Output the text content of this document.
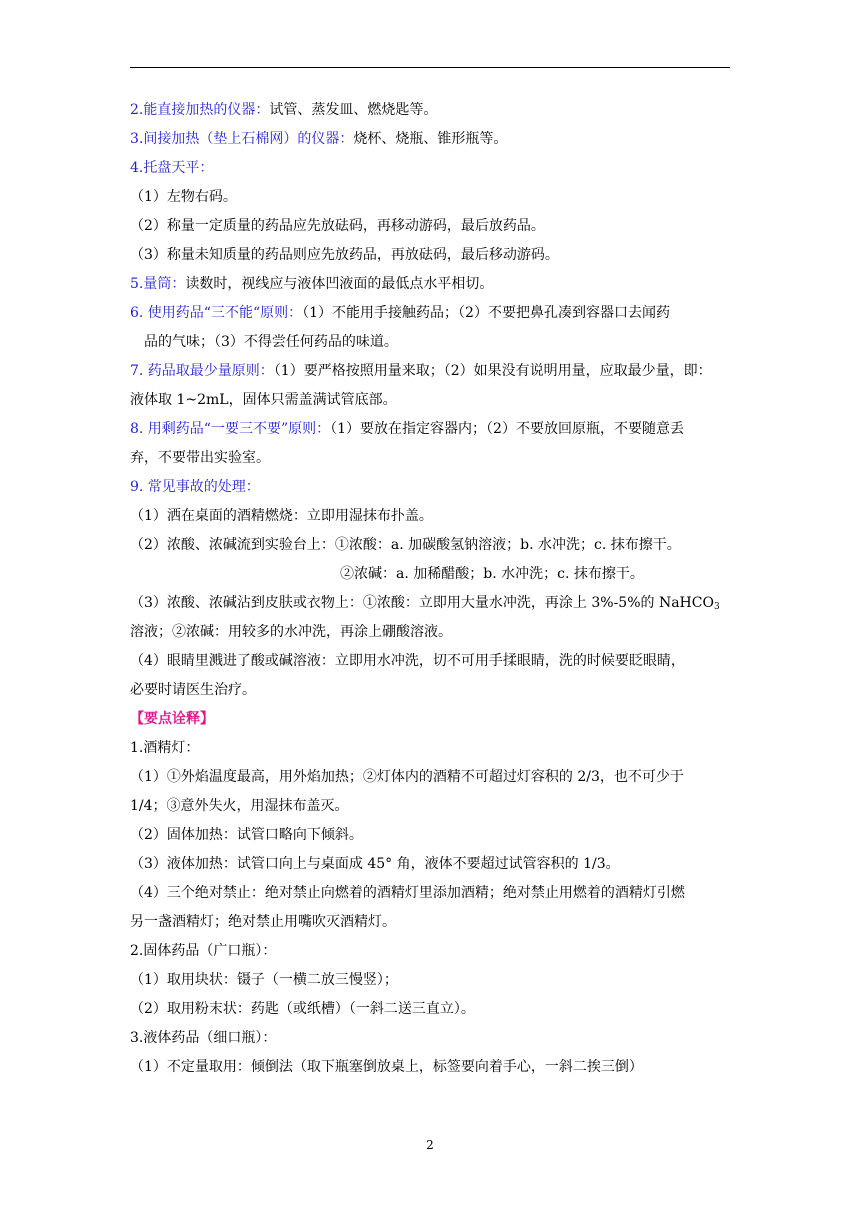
2.能直接加热的仪器：试管、蒸发皿、燃烧匙等。
3.间接加热（垫上石棉网）的仪器：烧杯、烧瓶、锥形瓶等。
4.托盘天平：
（1）左物右码。
（2）称量一定质量的药品应先放砝码，再移动游码，最后放药品。
（3）称量未知质量的药品则应先放药品，再放砝码，最后移动游码。
5.量筒：读数时，视线应与液体凹液面的最低点水平相切。
6. 使用药品“三不能“原则：（1）不能用手接触药品；（2）不要把鼻孔凑到容器口去闻药
品的气味；（3）不得尝任何药品的味道。
7. 药品取最少量原则：（1）要严格按照用量来取；（2）如果没有说明用量，应取最少量，即：
液体取 1~2mL，固体只需盖满试管底部。
8. 用剩药品“一要三不要”原则：（1）要放在指定容器内；（2）不要放回原瓶，不要随意丢
弃，不要带出实验室。
9. 常见事故的处理：
（1）洒在桌面的酒精燃烧：立即用湿抹布扑盖。
（2）浓酸、浓碱流到实验台上：①浓酸：a. 加碳酸氢钠溶液；b. 水冲洗；c. 抹布擦干。
②浓碱：a. 加稀醋酸；b. 水冲洗；c. 抹布擦干。
（3）浓酸、浓碱沾到皮肤或衣物上：①浓酸：立即用大量水冲洗，再涂上 3%-5%的 NaHCO$_3$
溶液；②浓碱：用较多的水冲洗，再涂上硼酸溶液。
（4）眼睛里溅进了酸或碱溶液：立即用水冲洗，切不可用手揉眼睛，洗的时候要眨眼睛，
必要时请医生治疗。
【要点诠释】
1.酒精灯：
（1）①外焰温度最高，用外焰加热；②灯体内的酒精不可超过灯容积的 2/3，也不可少于
1/4；③意外失火，用湿抹布盖灭。
（2）固体加热：试管口略向下倾斜。
（3）液体加热：试管口向上与桌面成 45° 角，液体不要超过试管容积的 1/3。
（4）三个绝对禁止：绝对禁止向燃着的酒精灯里添加酒精；绝对禁止用燃着的酒精灯引燃
另一盏酒精灯；绝对禁止用嘴吹灭酒精灯。
2.固体药品（广口瓶）：
（1）取用块状：镊子（一横二放三慢竖）；
（2）取用粉末状：药匙（或纸槽）（一斜二送三直立）。
3.液体药品（细口瓶）：
（1）不定量取用：倾倒法（取下瓶塞倒放桌上，标签要向着手心，一斜二挨三倒）
2
